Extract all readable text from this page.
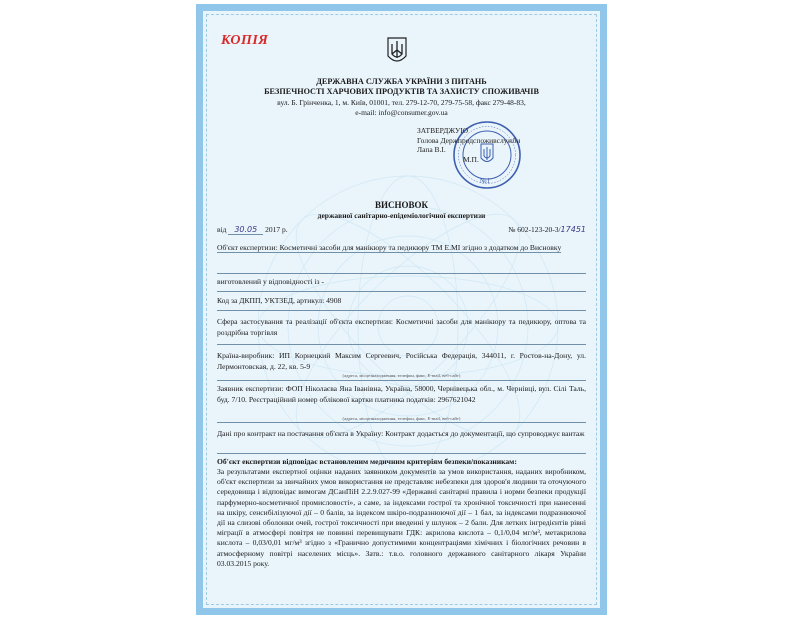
КОПІЯ
ДЕРЖАВНА СЛУЖБА УКРАЇНИ З ПИТАНЬ
БЕЗПЕЧНОСТІ ХАРЧОВИХ ПРОДУКТІВ ТА ЗАХИСТУ СПОЖИВАЧІВ
вул. Б. Грінченка, 1, м. Київ, 01001, тел. 279-12-70, 279-75-58, факс 279-48-83,
e-mail: info@consumer.gov.ua
№1
ЗАТВЕРДЖУЮ
Голова Держпродспоживслужби
Лапа В.І.
М.П.
ВИСНОВОК
державної санітарно-епідеміологічної експертизи
від 30.05 2017 р.	№ 602-123-20-3/17451
Об'єкт експертизи: Косметичні засоби для манікюру та педикюру ТМ E.MI згідно з додатком до Висновку
виготовлений у відповідності із -
Код за ДКПП, УКТЗЕД, артикул: 4908
Сфера застосування та реалізації об'єкта експертизи: Косметичні засоби для манікюру та педикюру, оптова та роздрібна торгівля
Країна-виробник: ИП Корнецкий Максим Сергеевич, Російська Федерація, 344011, г. Ростов-на-Дону, ул. Лермонтовская, д. 22, кв. 5-9
(адреса, місцезнаходження, телефон, факс, E-mail, веб-сайт)
Заявник експертизи: ФОП Ніколаєва Яна Іванівна, Україна, 58000, Чернівецька обл., м. Чернівці, вул. Сілі Таль, буд. 7/10. Реєстраційний номер облікової картки платника податків: 2967621042
(адреса, місцезнаходження, телефон, факс, E-mail, веб-сайт)
Дані про контракт на постачання об'єкта в Україну: Контракт додається до документації, що супроводжує вантаж
Об'єкт експертизи відповідає встановленим медичним критеріям безпеки/показникам:
За результатами експертної оцінки наданих заявником документів за умов використання, наданих виробником, об'єкт експертизи за звичайних умов використання не представляє небезпеки для здоров'я людини та оточуючого середовища і відповідає вимогам ДСанПіН 2.2.9.027-99 «Державні санітарні правила і норми безпеки продукції парфумерно-косметичної промисловості», а саме, за індексами гострої та хронічної токсичності при нанесенні на шкіру, сенсибілізуючої дії – 0 балів, за індексом шкіро-подразнюючої дії – 1 бал, за індексами подразнюючої дії на слизові оболонки очей, гострої токсичності при введенні у шлунок – 2 бали. Для летких інгредієнтів рівні міграції в атмосфері повітря не повинні перевищувати ГДК: акрилова кислота – 0,1/0,04 мг/м³, метакрилова кислота – 0,03/0,01 мг/м³ згідно з «Гранично допустимими концентраціями хімічних і біологічних речовин в атмосферному повітрі населених місць». Затв.: т.в.о. головного державного санітарного лікаря України 03.03.2015 року.
